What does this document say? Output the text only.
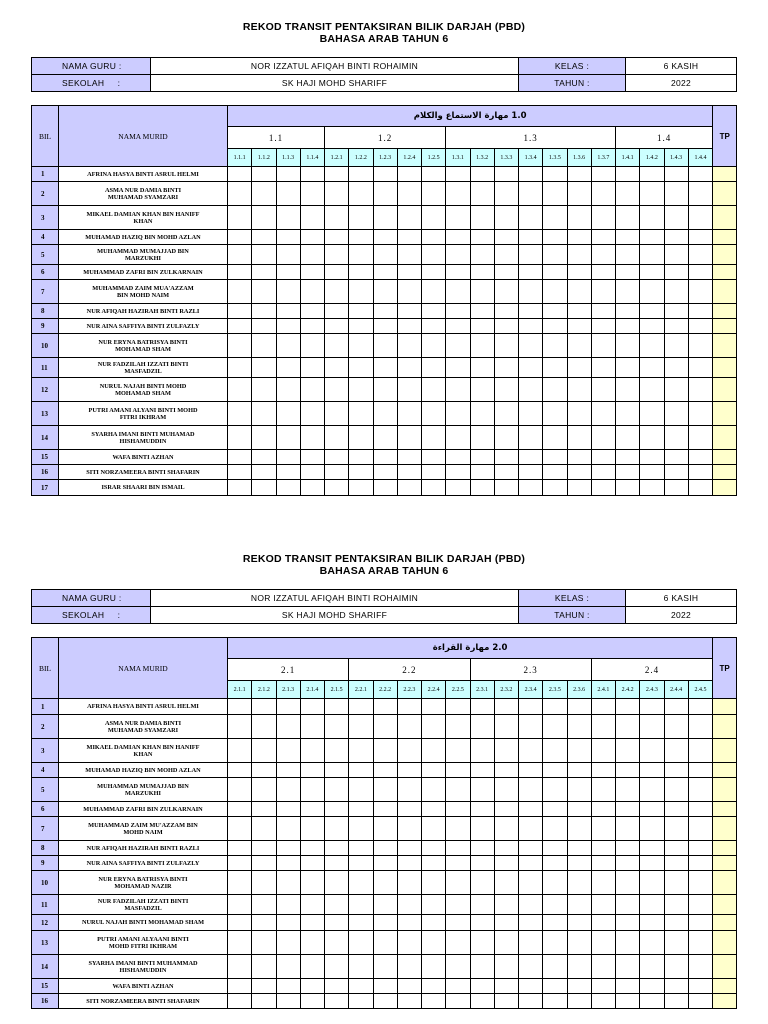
REKOD TRANSIT PENTAKSIRAN BILIK DARJAH (PBD)
BAHASA ARAB TAHUN 6
NAMA GURU :	NOR IZZATUL AFIQAH BINTI ROHAIMIN	KELAS :	6 KASIH
SEKOLAH     :	SK HAJI MOHD SHARIFF	TAHUN :	2022
BIL	NAMA MURID	1.0 مهارة الاستماع والكلام																				TP
		1.1				1.2					1.3							1.4				
		1.1.1	1.1.2	1.1.3	1.1.4	1.2.1	1.2.2	1.2.3	1.2.4	1.2.5	1.3.1	1.3.2	1.3.3	1.3.4	1.3.5	1.3.6	1.3.7	1.4.1	1.4.2	1.4.3	1.4.4	
1	AFRINA HASYA BINTI ASRUL HELMI																					
2	ASMA NUR DAMIA BINTI
MUHAMAD SYAMZARI																					
3	MIKAEL DAMIAN KHAN BIN HANIFF
KHAN																					
4	MUHAMAD HAZIQ BIN MOHD AZLAN																					
5	MUHAMMAD MUMAJJAD BIN
MARZUKHI																					
6	MUHAMMAD ZAFRI BIN ZULKARNAIN																					
7	MUHAMMAD ZAIM MUA'AZZAM
BIN MOHD NAIM																					
8	NUR AFIQAH HAZIRAH BINTI RAZLI																					
9	NUR AINA SAFFIYA BINTI ZULFAZLY																					
10	NUR ERYNA BATRISYA BINTI
MOHAMAD SHAM																					
11	NUR FADZILAH IZZATI BINTI
MASFADZIL																					
12	NURUL NAJAH BINTI MOHD
MOHAMAD SHAM																					
13	PUTRI AMANI ALYANI BINTI MOHD
FITRI IKHRAM																					
14	SYARHA IMANI BINTI MUHAMAD
HISHAMUDDIN																					
15	WAFA BINTI AZHAN																					
16	SITI NORZAMEERA BINTI SHAFARIN																					
17	ISRAR SHAARI BIN ISMAIL																					
REKOD TRANSIT PENTAKSIRAN BILIK DARJAH (PBD)
BAHASA ARAB TAHUN 6
NAMA GURU :	NOR IZZATUL AFIQAH BINTI ROHAIMIN	KELAS :	6 KASIH
SEKOLAH     :	SK HAJI MOHD SHARIFF	TAHUN :	2022
BIL	NAMA MURID	2.0 مهارة القراءة																				TP
		2.1					2.2					2.3					2.4					
		2.1.1	2.1.2	2.1.3	2.1.4	2.1.5	2.2.1	2.2.2	2.2.3	2.2.4	2.2.5	2.3.1	2.3.2	2.3.4	2.3.5	2.3.6	2.4.1	2.4.2	2.4.3	2.4.4	2.4.5	
1	AFRINA HASYA BINTI ASRUL HELMI																					
2	ASMA NUR DAMIA BINTI
MUHAMAD SYAMZARI																					
3	MIKAEL DAMIAN KHAN BIN HANIFF
KHAN																					
4	MUHAMAD HAZIQ BIN MOHD AZLAN																					
5	MUHAMMAD MUMAJJAD BIN
MARZUKHI																					
6	MUHAMMAD ZAFRI BIN ZULKARNAIN																					
7	MUHAMMAD ZAIM MU'AZZAM BIN
MOHD NAIM																					
8	NUR AFIQAH HAZIRAH BINTI RAZLI																					
9	NUR AINA SAFFIYA BINTI ZULFAZLY																					
10	NUR ERYNA BATRISYA BINTI
MOHAMAD NAZIR																					
11	NUR FADZILAH IZZATI BINTI
MASFADZIL																					
12	NURUL NAJAH BINTI MOHAMAD SHAM																					
13	PUTRI AMANI ALYAANI BINTI
MOHD FITRI IKHRAM																					
14	SYARHA IMANI BINTI MUHAMMAD
HISHAMUDDIN																					
15	WAFA BINTI AZHAN																					
16	SITI NORZAMEERA BINTI SHAFARIN																					
